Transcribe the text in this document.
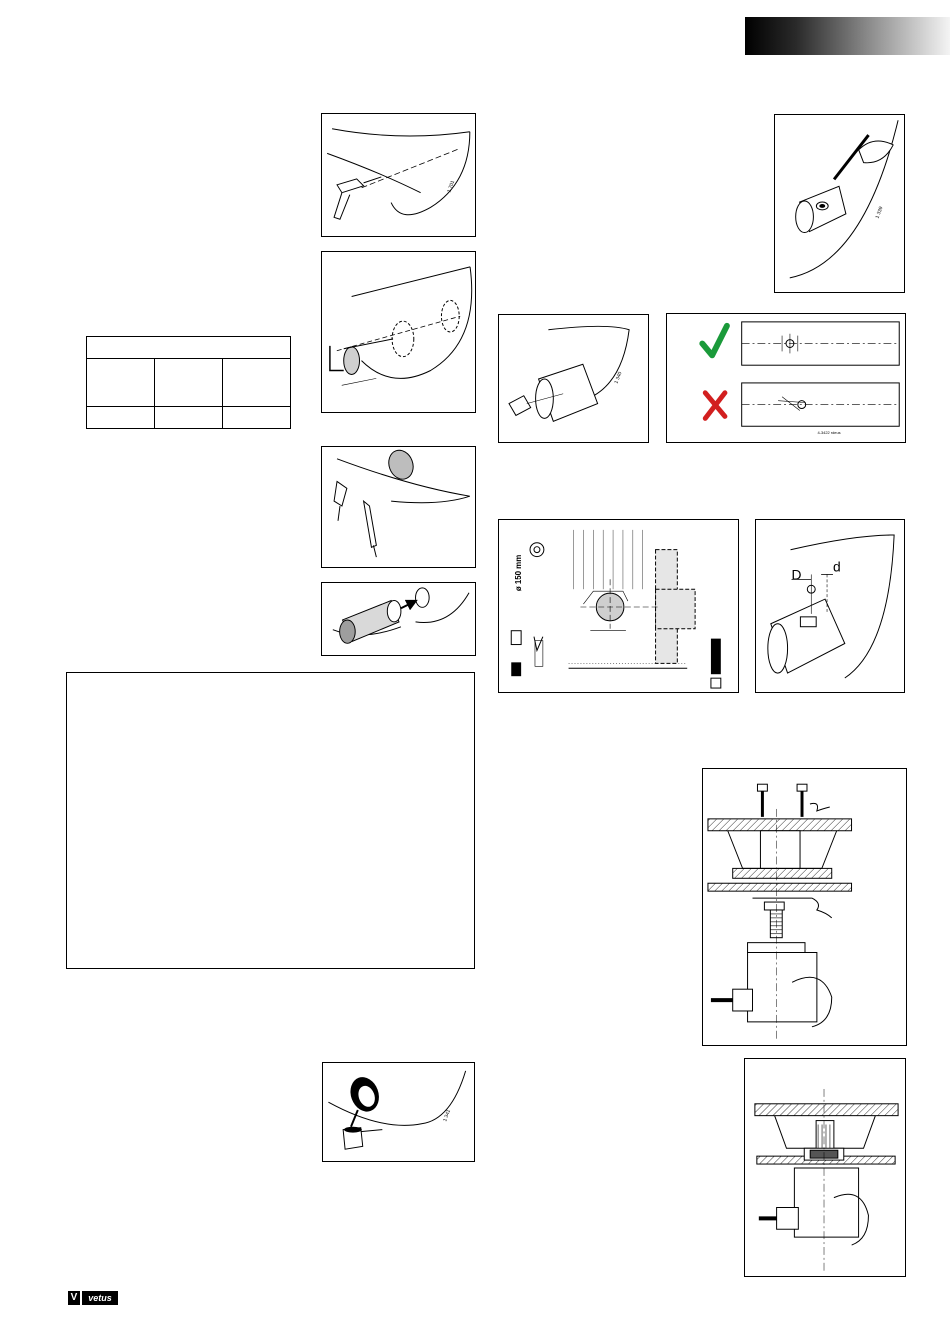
1 701

1 341
V	vetus
1 339
1 340
4-3422 rdeus
ø 150 mm	D d
